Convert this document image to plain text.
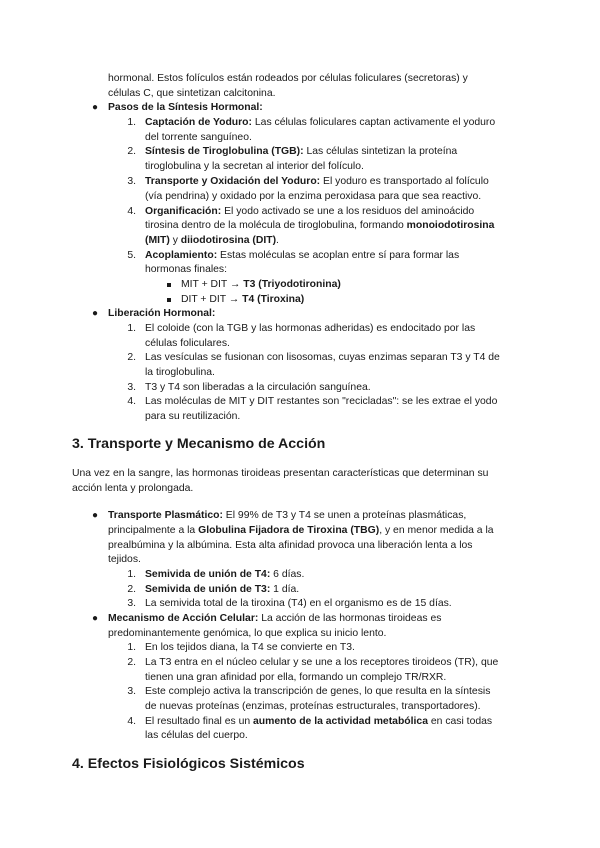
hormonal. Estos folículos están rodeados por células foliculares (secretoras) y
células C, que sintetizan calcitonina.
● Pasos de la Síntesis Hormonal:
1. Captación de Yoduro: Las células foliculares captan activamente el yoduro
del torrente sanguíneo.
2. Síntesis de Tiroglobulina (TGB): Las células sintetizan la proteína
tiroglobulina y la secretan al interior del folículo.
3. Transporte y Oxidación del Yoduro: El yoduro es transportado al folículo
(vía pendrina) y oxidado por la enzima peroxidasa para que sea reactivo.
4. Organificación: El yodo activado se une a los residuos del aminoácido
tirosina dentro de la molécula de tiroglobulina, formando monoiodotirosina
(MIT) y diiodotirosina (DIT).
5. Acoplamiento: Estas moléculas se acoplan entre sí para formar las
hormonas finales:
MIT + DIT → T3 (Triyodotironina)
DIT + DIT → T4 (Tiroxina)
● Liberación Hormonal:
1. El coloide (con la TGB y las hormonas adheridas) es endocitado por las
células foliculares.
2. Las vesículas se fusionan con lisosomas, cuyas enzimas separan T3 y T4 de
la tiroglobulina.
3. T3 y T4 son liberadas a la circulación sanguínea.
4. Las moléculas de MIT y DIT restantes son "recicladas": se les extrae el yodo
para su reutilización.
3. Transporte y Mecanismo de Acción
Una vez en la sangre, las hormonas tiroideas presentan características que determinan su
acción lenta y prolongada.
● Transporte Plasmático: El 99% de T3 y T4 se unen a proteínas plasmáticas,
principalmente a la Globulina Fijadora de Tiroxina (TBG), y en menor medida a la
prealbúmina y la albúmina. Esta alta afinidad provoca una liberación lenta a los
tejidos.
1. Semivida de unión de T4: 6 días.
2. Semivida de unión de T3: 1 día.
3. La semivida total de la tiroxina (T4) en el organismo es de 15 días.
● Mecanismo de Acción Celular: La acción de las hormonas tiroideas es
predominantemente genómica, lo que explica su inicio lento.
1. En los tejidos diana, la T4 se convierte en T3.
2. La T3 entra en el núcleo celular y se une a los receptores tiroideos (TR), que
tienen una gran afinidad por ella, formando un complejo TR/RXR.
3. Este complejo activa la transcripción de genes, lo que resulta en la síntesis
de nuevas proteínas (enzimas, proteínas estructurales, transportadores).
4. El resultado final es un aumento de la actividad metabólica en casi todas
las células del cuerpo.
4. Efectos Fisiológicos Sistémicos
